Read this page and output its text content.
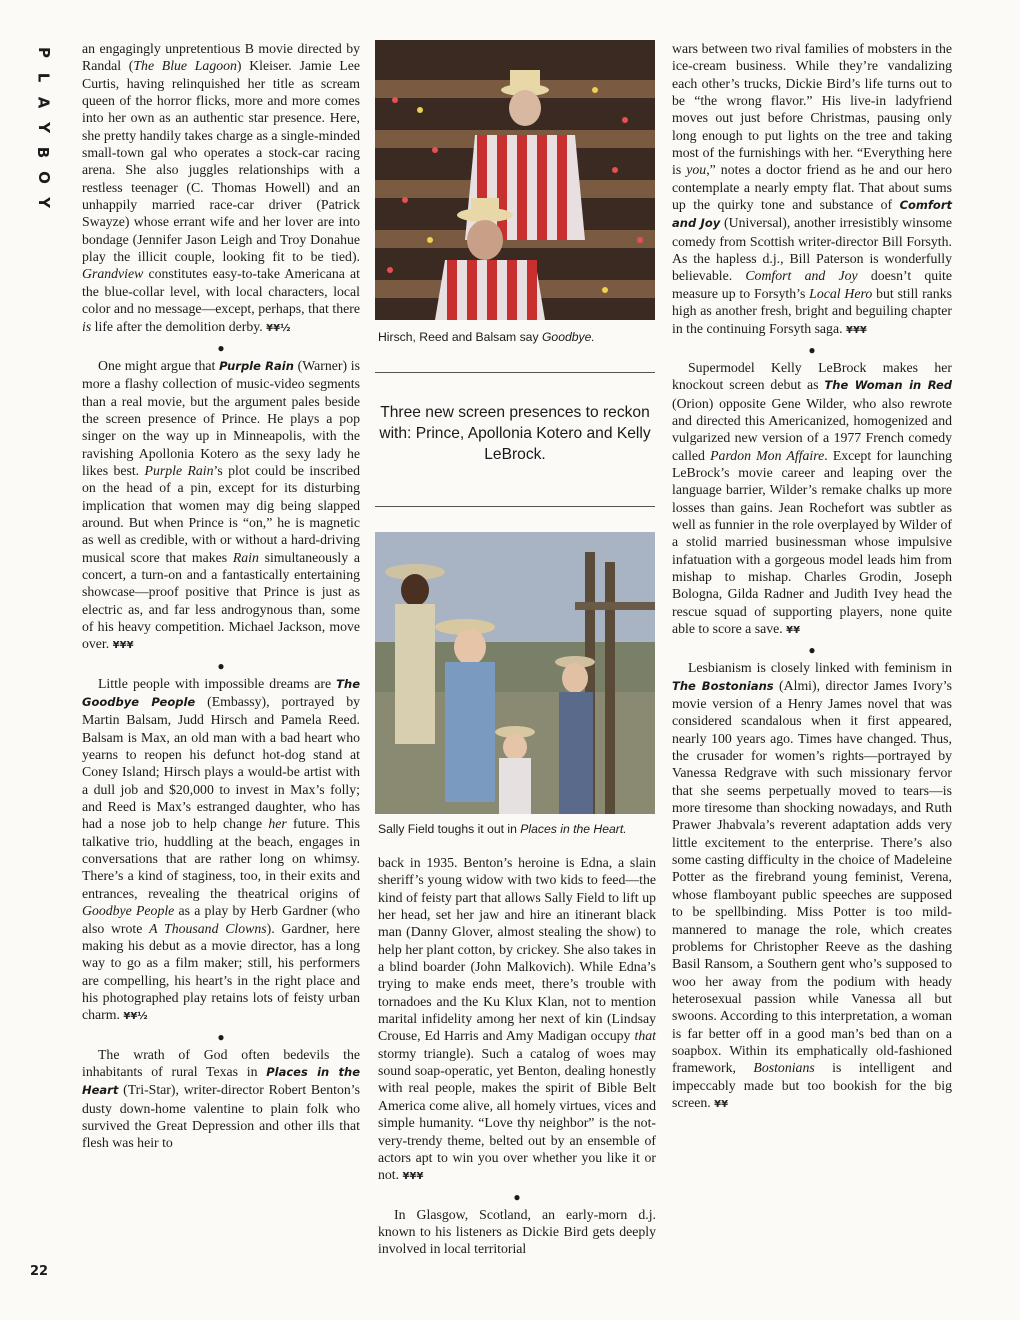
P
L
A
Y
B
O
Y
22

an engagingly unpretentious B movie directed by Randal (The Blue Lagoon) Kleiser. Jamie Lee Curtis, having relinquished her title as scream queen of the horror flicks, more and more comes into her own as an authentic star presence. Here, she pretty handily takes charge as a single-minded small-town gal who operates a stock-car racing arena. She also juggles relationships with a restless teenager (C. Thomas Howell) and an unhappily married race-car driver (Patrick Swayze) whose errant wife and her lover are into bondage (Jennifer Jason Leigh and Troy Donahue play the illicit couple, looking fit to be tied). Grandview constitutes easy-to-take Americana at the blue-collar level, with local characters, local color and no message—except, perhaps, that there is life after the demolition derby. ¥¥½

●

One might argue that Purple Rain (Warner) is more a flashy collection of music-video segments than a real movie, but the argument pales beside the screen presence of Prince. He plays a pop singer on the way up in Minneapolis, with the ravishing Apollonia Kotero as the sexy lady he likes best. Purple Rain’s plot could be inscribed on the head of a pin, except for its disturbing implication that women may dig being slapped around. But when Prince is “on,” he is magnetic as well as credible, with or without a hard-driving musical score that makes Rain simultaneously a concert, a turn-on and a fantastically entertaining showcase—proof positive that Prince is just as electric as, and far less androgynous than, some of his heavy competition. Michael Jackson, move over. ¥¥¥

●

Little people with impossible dreams are The Goodbye People (Embassy), portrayed by Martin Balsam, Judd Hirsch and Pamela Reed. Balsam is Max, an old man with a bad heart who yearns to reopen his defunct hot-dog stand at Coney Island; Hirsch plays a would-be artist with a dull job and $20,000 to invest in Max’s folly; and Reed is Max’s estranged daughter, who has had a nose job to help change her future. This talkative trio, huddling at the beach, engages in conversations that are rather long on whimsy. There’s a kind of staginess, too, in their exits and entrances, revealing the theatrical origins of Goodbye People as a play by Herb Gardner (who also wrote A Thousand Clowns). Gardner, here making his debut as a movie director, has a long way to go as a film maker; still, his performers are compelling, his heart’s in the right place and his photographed play retains lots of feisty urban charm. ¥¥½

●

The wrath of God often bedevils the inhabitants of rural Texas in Places in the Heart (Tri-Star), writer-director Robert Benton’s dusty down-home valentine to plain folk who survived the Great Depression and other ills that flesh was heir to

Hirsch, Reed and Balsam say Goodbye.
Three new screen presences to reckon with: Prince, Apollonia Kotero and Kelly LeBrock.
Sally Field toughs it out in Places in the Heart.

back in 1935. Benton’s heroine is Edna, a slain sheriff’s young widow with two kids to feed—the kind of feisty part that allows Sally Field to lift up her head, set her jaw and hire an itinerant black man (Danny Glover, almost stealing the show) to help her plant cotton, by crickey. She also takes in a blind boarder (John Malkovich). While Edna’s trying to make ends meet, there’s trouble with tornadoes and the Ku Klux Klan, not to mention marital infidelity among her next of kin (Lindsay Crouse, Ed Harris and Amy Madigan occupy that stormy triangle). Such a catalog of woes may sound soap-operatic, yet Benton, dealing honestly with real people, makes the spirit of Bible Belt America come alive, all homely virtues, vices and simple humanity. “Love thy neighbor” is the not-very-trendy theme, belted out by an ensemble of actors apt to win you over whether you like it or not. ¥¥¥

●

In Glasgow, Scotland, an early-morn d.j. known to his listeners as Dickie Bird gets deeply involved in local territorial

wars between two rival families of mobsters in the ice-cream business. While they’re vandalizing each other’s trucks, Dickie Bird’s life turns out to be “the wrong flavor.” His live-in ladyfriend moves out just before Christmas, pausing only long enough to put lights on the tree and taking most of the furnishings with her. “Everything here is you,” notes a doctor friend as he and our hero contemplate a nearly empty flat. That about sums up the quirky tone and substance of Comfort and Joy (Universal), another irresistibly winsome comedy from Scottish writer-director Bill Forsyth. As the hapless d.j., Bill Paterson is wonderfully believable. Comfort and Joy doesn’t quite measure up to Forsyth’s Local Hero but still ranks high as another fresh, bright and beguiling chapter in the continuing Forsyth saga. ¥¥¥

●

Supermodel Kelly LeBrock makes her knockout screen debut as The Woman in Red (Orion) opposite Gene Wilder, who also rewrote and directed this Americanized, homogenized and vulgarized new version of a 1977 French comedy called Pardon Mon Affaire. Except for launching LeBrock’s movie career and leaping over the language barrier, Wilder’s remake chalks up more losses than gains. Jean Rochefort was subtler as well as funnier in the role overplayed by Wilder of a stolid married businessman whose impulsive infatuation with a gorgeous model leads him from mishap to mishap. Charles Grodin, Joseph Bologna, Gilda Radner and Judith Ivey head the rescue squad of supporting players, none quite able to score a save. ¥¥

●

Lesbianism is closely linked with feminism in The Bostonians (Almi), director James Ivory’s movie version of a Henry James novel that was considered scandalous when it first appeared, nearly 100 years ago. Times have changed. Thus, the crusader for women’s rights—portrayed by Vanessa Redgrave with such missionary fervor that she seems perpetually moved to tears—is more tiresome than shocking nowadays, and Ruth Prawer Jhabvala’s reverent adaptation adds very little excitement to the enterprise. There’s also some casting difficulty in the choice of Madeleine Potter as the firebrand young feminist, Verena, whose flamboyant public speeches are supposed to be spellbinding. Miss Potter is too mild-mannered to manage the role, which creates problems for Christopher Reeve as the dashing Basil Ransom, a Southern gent who’s supposed to woo her away from the podium with heady heterosexual passion while Vanessa all but swoons. According to this interpretation, a woman is far better off in a good man’s bed than on a soapbox. Within its emphatically old-fashioned framework, Bostonians is intelligent and impeccably made but too bookish for the big screen. ¥¥
